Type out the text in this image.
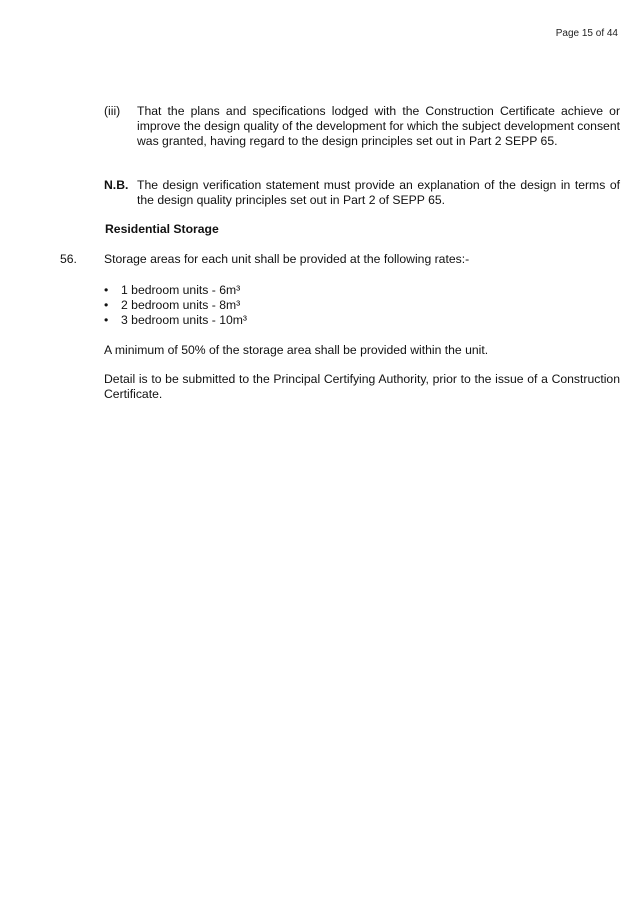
Page 15 of 44
(iii) That the plans and specifications lodged with the Construction Certificate achieve or improve the design quality of the development for which the subject development consent was granted, having regard to the design principles set out in Part 2 SEPP 65.
N.B. The design verification statement must provide an explanation of the design in terms of the design quality principles set out in Part 2 of SEPP 65.
Residential Storage
56. Storage areas for each unit shall be provided at the following rates:-
• 1 bedroom units - 6m³
• 2 bedroom units - 8m³
• 3 bedroom units - 10m³
A minimum of 50% of the storage area shall be provided within the unit.
Detail is to be submitted to the Principal Certifying Authority, prior to the issue of a Construction Certificate.
